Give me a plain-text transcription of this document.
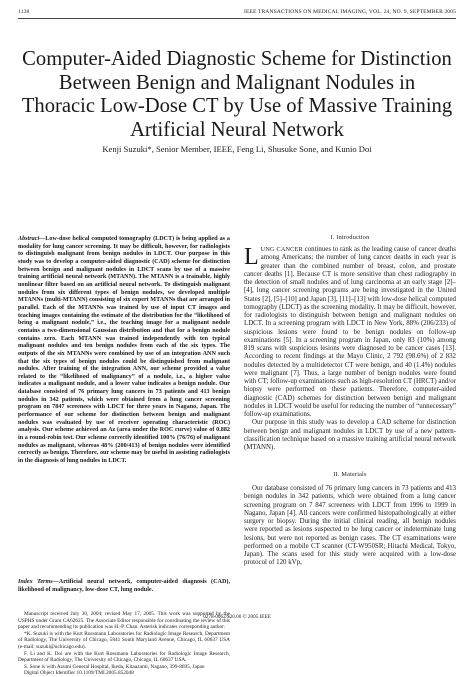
1138	IEEE TRANSACTIONS ON MEDICAL IMAGING, VOL. 24, NO. 9, SEPTEMBER 2005
Computer-Aided Diagnostic Scheme for Distinction Between Benign and Malignant Nodules in Thoracic Low-Dose CT by Use of Massive Training Artificial Neural Network
Kenji Suzuki*, Senior Member, IEEE, Feng Li, Shusuke Sone, and Kunio Doi
Abstract—Low-dose helical computed tomography (LDCT) is being applied as a modality for lung cancer screening. It may be difficult, however, for radiologists to distinguish malignant from benign nodules in LDCT. Our purpose in this study was to develop a computer-aided diagnostic (CAD) scheme for distinction between benign and malignant nodules in LDCT scans by use of a massive training artificial neural network (MTANN). The MTANN is a trainable, highly nonlinear filter based on an artificial neural network. To distinguish malignant nodules from six different types of benign nodules, we developed multiple MTANNs (multi-MTANN) consisting of six expert MTANNs that are arranged in parallel. Each of the MTANNs was trained by use of input CT images and teaching images containing the estimate of the distribution for the “likelihood of being a malignant nodule,” i.e., the teaching image for a malignant nodule contains a two-dimensional Gaussian distribution and that for a benign nodule contains zero. Each MTANN was trained independently with ten typical malignant nodules and ten benign nodules from each of the six types. The outputs of the six MTANNs were combined by use of an integration ANN such that the six types of benign nodules could be distinguished from malignant nodules. After training of the integration ANN, our scheme provided a value related to the “likelihood of malignancy” of a nodule, i.e., a higher value indicates a malignant nodule, and a lower value indicates a benign nodule. Our database consisted of 76 primary lung cancers in 73 patients and 413 benign nodules in 342 patients, which were obtained from a lung cancer screening program on 7847 screenees with LDCT for three years in Nagano, Japan. The performance of our scheme for distinction between benign and malignant nodules was evaluated by use of receiver operating characteristic (ROC) analysis. Our scheme achieved an Az (area under the ROC curve) value of 0.882 in a round-robin test. Our scheme correctly identified 100% (76/76) of malignant nodules as malignant, whereas 48% (200/413) of benign nodules were identified correctly as benign. Therefore, our scheme may be useful in assisting radiologists in the diagnosis of lung nodules in LDCT.
Index Terms—Artificial neural network, computer-aided diagnosis (CAD), likelihood of malignancy, low-dose CT, lung nodule.

Manuscript received July 30, 2004; revised May 17, 2005. This work was supported by the USPHS under Grant CA62625. The Associate Editor responsible for coordinating the review of this paper and recommending its publication was H.-P. Chan. Asterisk indicates corresponding author.

*K. Suzuki is with the Kurt Rossmann Laboratories for Radiologic Image Research, Department of Radiology, The University of Chicago, 5841 South Maryland Avenue, Chicago, IL 60637 USA (e-mail: suzuki@uchicago.edu).

F. Li and K. Doi are with the Kurt Rossmann Laboratories for Radiologic Image Research, Department of Radiology, The University of Chicago, Chicago, IL 60637 USA.

S. Sone is with Azumi General Hospital, Ikeda, Kitaazumi, Nagano, 399-8695, Japan

Digital Object Identifier 10.1109/TMI.2005.852048

I. Introduction

LUNG CANCER continues to rank as the leading cause of cancer deaths among Americans; the number of lung cancer deaths in each year is greater than the combined number of breast, colon, and prostate cancer deaths [1]. Because CT is more sensitive than chest radiography in the detection of small nodules and of lung carcinoma at an early stage [2]–[4], lung cancer screening programs are being investigated in the United States [2], [5]–[10] and Japan [3], [11]–[13] with low-dose helical computed tomography (LDCT) as the screening modality. It may be difficult, however, for radiologists to distinguish between benign and malignant nodules on LDCT. In a screening program with LDCT in New York, 88% (206/233) of suspicious lesions were found to be benign nodules on follow-up examinations [5]. In a screening program in Japan, only 83 (10%) among 819 scans with suspicious lesions were diagnosed to be cancer cases [13]. According to recent findings at the Mayo Clinic, 2 792 (98.6%) of 2 832 nodules detected by a multidetector CT were benign, and 40 (1.4%) nodules were malignant [7]. Thus, a large number of benign nodules were found with CT; follow-up examinations such as high-resolution CT (HRCT) and/or biopsy were performed on these patients. Therefore, computer-aided diagnostic (CAD) schemes for distinction between benign and malignant nodules in LDCT would be useful for reducing the number of “unnecessary” follow-up examinations.

Our purpose in this study was to develop a CAD scheme for distinction between benign and malignant nodules in LDCT by use of a new pattern-classification technique based on a massive training artificial neural network (MTANN).

II. Materials

Our database consisted of 76 primary lung cancers in 73 patients and 413 benign nodules in 342 patients, which were obtained from a lung cancer screening program on 7 847 screenees with LDCT from 1996 to 1999 in Nagano, Japan [4]. All cancers were confirmed histopathologically at either surgery or biopsy. During the initial clinical reading, all benign nodules were reported as lesions suspected to be lung cancer or indeterminate lung lesions, but were not reported as benign cases. The CT examinations were performed on a mobile CT scanner (CT-W950SR; Hitachi Medical, Tokyo, Japan). The scans used for this study were acquired with a low-dose protocol of 120 kVp,

0278-0062/$20.00 © 2005 IEEE
